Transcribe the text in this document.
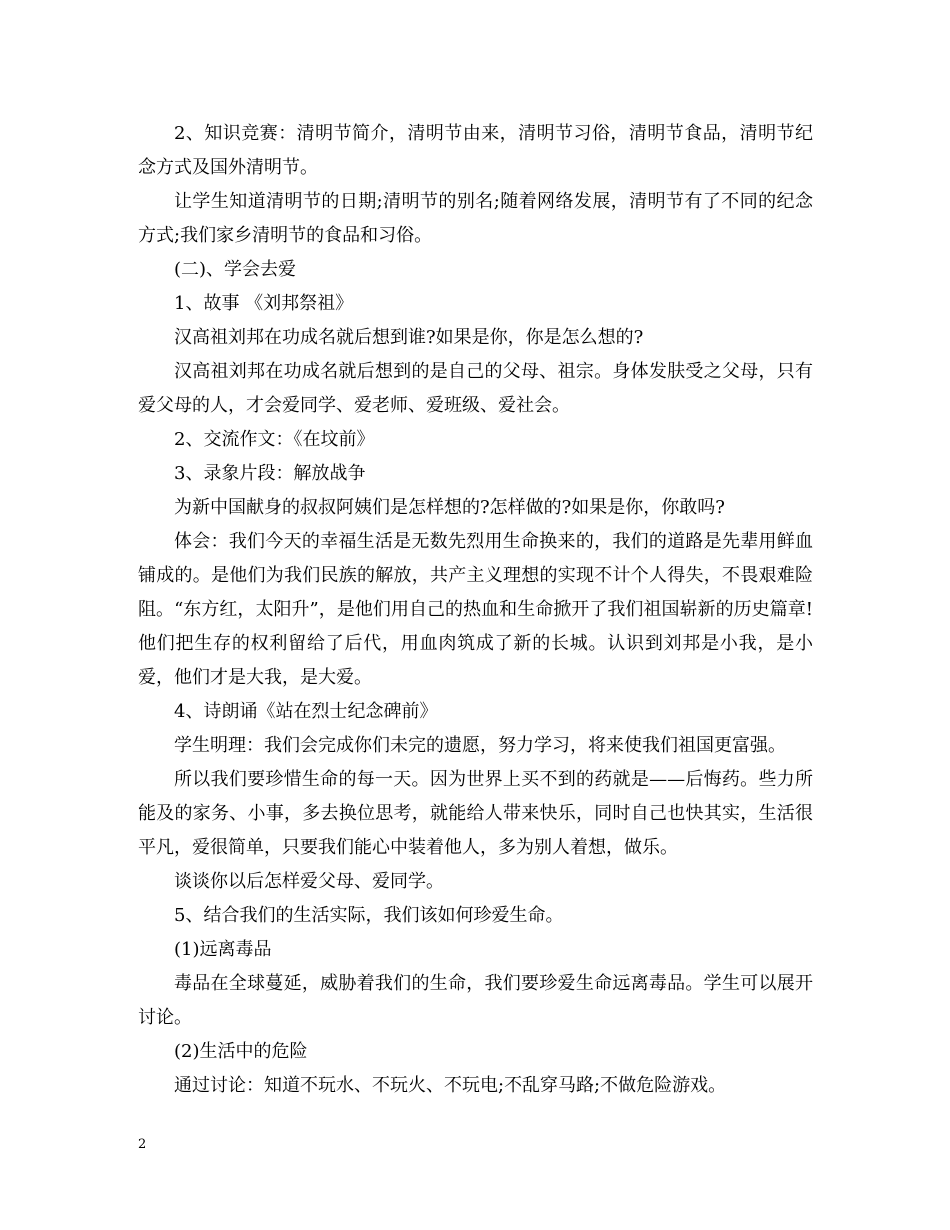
2、知识竞赛：清明节简介，清明节由来，清明节习俗，清明节食品，清明节纪念方式及国外清明节。

让学生知道清明节的日期;清明节的别名;随着网络发展，清明节有了不同的纪念方式;我们家乡清明节的食品和习俗。

(二)、学会去爱

1、故事 《刘邦祭祖》

汉高祖刘邦在功成名就后想到谁?如果是你，你是怎么想的?

汉高祖刘邦在功成名就后想到的是自己的父母、祖宗。身体发肤受之父母，只有爱父母的人，才会爱同学、爱老师、爱班级、爱社会。

2、交流作文：《在坟前》

3、录象片段：解放战争

为新中国献身的叔叔阿姨们是怎样想的?怎样做的?如果是你，你敢吗?

体会：我们今天的幸福生活是无数先烈用生命换来的，我们的道路是先辈用鲜血铺成的。是他们为我们民族的解放，共产主义理想的实现不计个人得失，不畏艰难险阻。“东方红，太阳升”，是他们用自己的热血和生命掀开了我们祖国崭新的历史篇章!他们把生存的权利留给了后代，用血肉筑成了新的长城。认识到刘邦是小我，是小爱，他们才是大我，是大爱。

4、诗朗诵《站在烈士纪念碑前》

学生明理：我们会完成你们未完的遗愿，努力学习，将来使我们祖国更富强。

所以我们要珍惜生命的每一天。因为世界上买不到的药就是——后悔药。些力所能及的家务、小事，多去换位思考，就能给人带来快乐，同时自己也快其实，生活很平凡，爱很简单，只要我们能心中装着他人，多为别人着想，做乐。

谈谈你以后怎样爱父母、爱同学。

5、结合我们的生活实际，我们该如何珍爱生命。

(1)远离毒品

毒品在全球蔓延，威胁着我们的生命，我们要珍爱生命远离毒品。学生可以展开讨论。

(2)生活中的危险

通过讨论：知道不玩水、不玩火、不玩电;不乱穿马路;不做危险游戏。

2
